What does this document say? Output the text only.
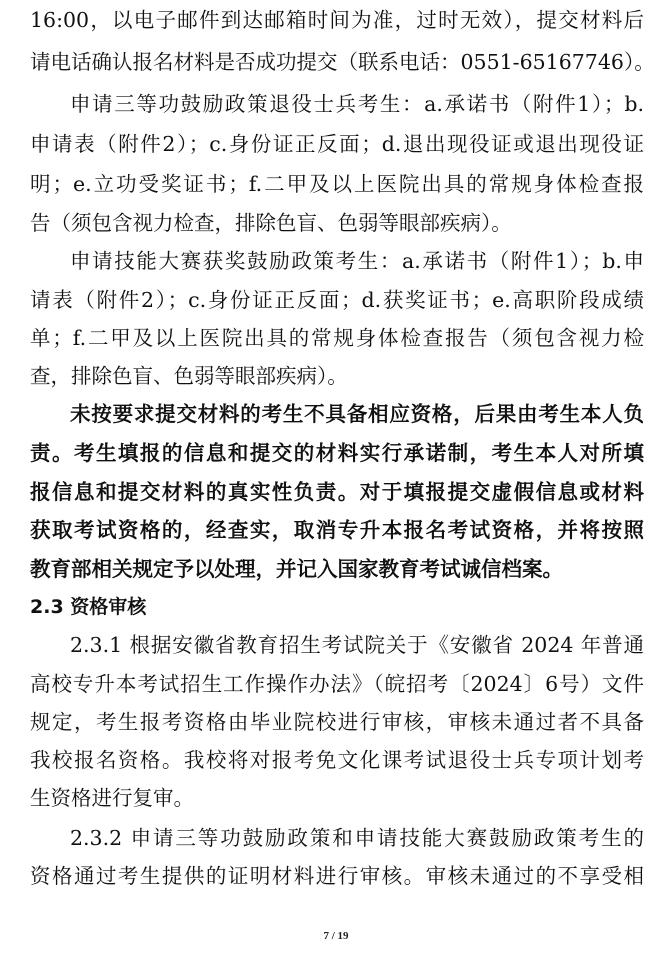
16:00，以电子邮件到达邮箱时间为准，过时无效），提交材料后
请电话确认报名材料是否成功提交（联系电话：0551-65167746）。
申请三等功鼓励政策退役士兵考生：a.承诺书（附件1）；b.
申请表（附件2）；c.身份证正反面；d.退出现役证或退出现役证
明；e.立功受奖证书；f.二甲及以上医院出具的常规身体检查报
告（须包含视力检查，排除色盲、色弱等眼部疾病）。
申请技能大赛获奖鼓励政策考生：a.承诺书（附件1）；b.申
请表（附件2）；c.身份证正反面；d.获奖证书；e.高职阶段成绩
单；f.二甲及以上医院出具的常规身体检查报告（须包含视力检
查，排除色盲、色弱等眼部疾病）。
未按要求提交材料的考生不具备相应资格，后果由考生本人负
责。考生填报的信息和提交的材料实行承诺制，考生本人对所填
报信息和提交材料的真实性负责。对于填报提交虚假信息或材料
获取考试资格的，经查实，取消专升本报名考试资格，并将按照
教育部相关规定予以处理，并记入国家教育考试诚信档案。
2.3 资格审核
2.3.1 根据安徽省教育招生考试院关于《安徽省 2024 年普通
高校专升本考试招生工作操作办法》（皖招考〔2024〕6号）文件
规定，考生报考资格由毕业院校进行审核，审核未通过者不具备
我校报名资格。我校将对报考免文化课考试退役士兵专项计划考
生资格进行复审。
2.3.2 申请三等功鼓励政策和申请技能大赛鼓励政策考生的
资格通过考生提供的证明材料进行审核。审核未通过的不享受相
7 / 19
